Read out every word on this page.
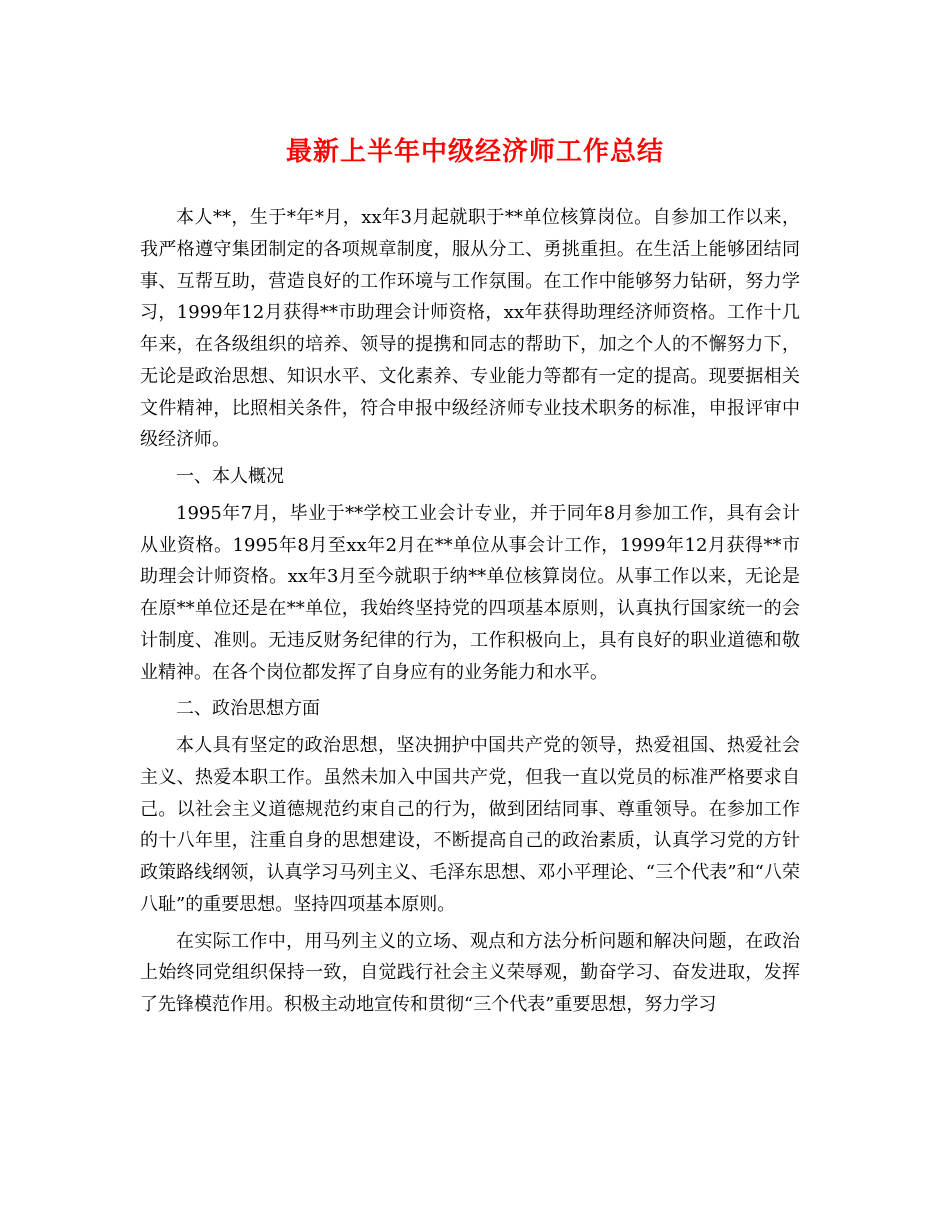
最新上半年中级经济师工作总结

本人**，生于*年*月，xx年3月起就职于**单位核算岗位。自参加工作以来，我严格遵守集团制定的各项规章制度，服从分工、勇挑重担。在生活上能够团结同事、互帮互助，营造良好的工作环境与工作氛围。在工作中能够努力钻研，努力学习，1999年12月获得**市助理会计师资格，xx年获得助理经济师资格。工作十几年来，在各级组织的培养、领导的提携和同志的帮助下，加之个人的不懈努力下，无论是政治思想、知识水平、文化素养、专业能力等都有一定的提高。现要据相关文件精神，比照相关条件，符合申报中级经济师专业技术职务的标准，申报评审中级经济师。

一、本人概况

1995年7月，毕业于**学校工业会计专业，并于同年8月参加工作，具有会计从业资格。1995年8月至xx年2月在**单位从事会计工作，1999年12月获得**市助理会计师资格。xx年3月至今就职于纳**单位核算岗位。从事工作以来，无论是在原**单位还是在**单位，我始终坚持党的四项基本原则，认真执行国家统一的会计制度、准则。无违反财务纪律的行为，工作积极向上，具有良好的职业道德和敬业精神。在各个岗位都发挥了自身应有的业务能力和水平。

二、政治思想方面

本人具有坚定的政治思想，坚决拥护中国共产党的领导，热爱祖国、热爱社会主义、热爱本职工作。虽然未加入中国共产党，但我一直以党员的标准严格要求自己。以社会主义道德规范约束自己的行为，做到团结同事、尊重领导。在参加工作的十八年里，注重自身的思想建设，不断提高自己的政治素质，认真学习党的方针政策路线纲领，认真学习马列主义、毛泽东思想、邓小平理论、“三个代表”和“八荣八耻”的重要思想。坚持四项基本原则。

在实际工作中，用马列主义的立场、观点和方法分析问题和解决问题，在政治上始终同党组织保持一致，自觉践行社会主义荣辱观，勤奋学习、奋发进取，发挥了先锋模范作用。积极主动地宣传和贯彻“三个代表”重要思想，努力学习
